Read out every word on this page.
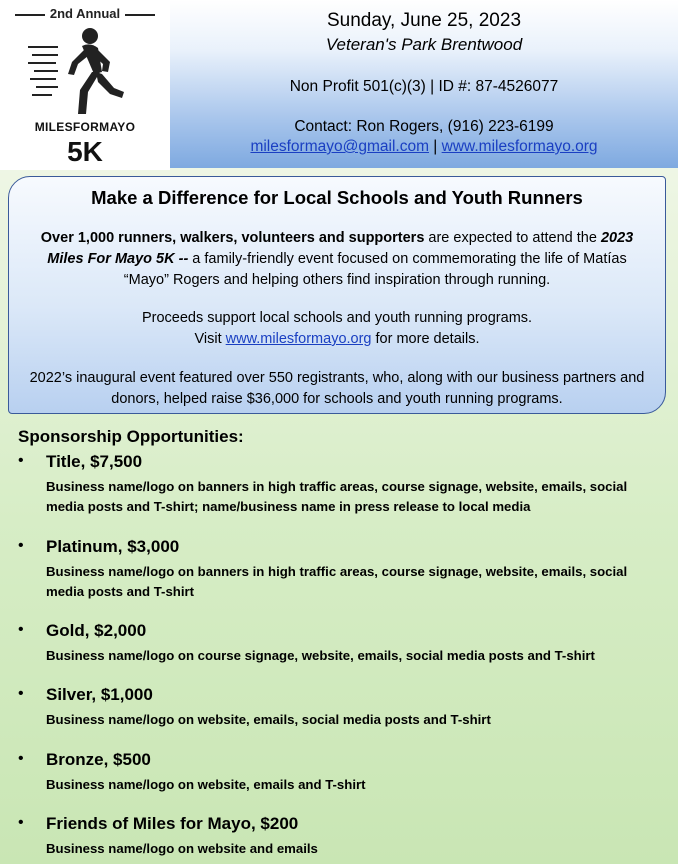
2nd Annual
MILESFORMAYO
5K
Sunday, June 25, 2023
Veteran's Park Brentwood
Non Profit 501(c)(3) | ID #: 87-4526077
Contact: Ron Rogers, (916) 223-6199
milesformayo@gmail.com | www.milesformayo.org
Make a Difference for Local Schools and Youth Runners
Over 1,000 runners, walkers, volunteers and supporters are expected to attend the 2023 Miles For Mayo 5K -- a family-friendly event focused on commemorating the life of Matías “Mayo” Rogers and helping others find inspiration through running.
Proceeds support local schools and youth running programs.
Visit www.milesformayo.org for more details.
2022’s inaugural event featured over 550 registrants, who, along with our business partners and donors, helped raise $36,000 for schools and youth running programs.
Sponsorship Opportunities:
• Title, $7,500
Business name/logo on banners in high traffic areas, course signage, website, emails, social media posts and T-shirt; name/business name in press release to local media
• Platinum, $3,000
Business name/logo on banners in high traffic areas, course signage, website, emails, social media posts and T-shirt
• Gold, $2,000
Business name/logo on course signage, website, emails, social media posts and T-shirt
• Silver, $1,000
Business name/logo on website, emails, social media posts and T-shirt
• Bronze, $500
Business name/logo on website, emails and T-shirt
• Friends of Miles for Mayo, $200
Business name/logo on website and emails
